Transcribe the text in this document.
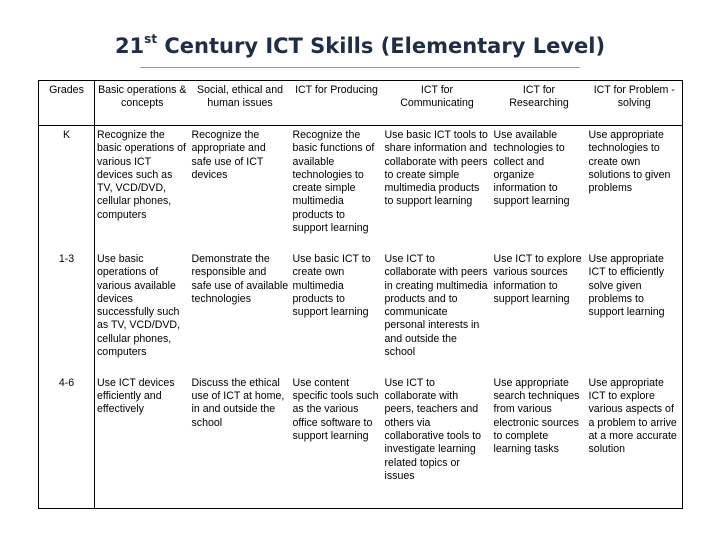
21st Century ICT Skills (Elementary Level)
Grades	Basic operations & concepts	Social, ethical and human issues	ICT for Producing	ICT for Communicating	ICT for Researching	ICT for Problem -solving
K	Recognize the basic operations of various ICT devices such as TV, VCD/DVD, cellular phones, computers	Recognize the appropriate and safe use of ICT devices	Recognize the basic functions of available technologies to create simple multimedia products to support learning	Use basic ICT tools to share information and collaborate with peers to create simple multimedia products to support learning	Use available technologies to collect and organize information to support learning	Use appropriate technologies to create own solutions to given problems
1-3	Use basic operations of various available devices successfully such as TV, VCD/DVD, cellular phones, computers	Demonstrate the responsible and safe use of available technologies	Use basic ICT to create own multimedia products to support learning	Use ICT to collaborate with peers in creating multimedia products and to communicate personal interests in and outside the school	Use ICT to explore various sources information to support learning	Use appropriate ICT to efficiently solve given problems to support learning
4-6	Use ICT devices efficiently and effectively	Discuss the ethical use of ICT at home, in and outside the school	Use content specific tools such as the various office software to support learning	Use ICT to collaborate with peers, teachers and others via collaborative tools to investigate learning related topics or issues	Use appropriate search techniques from various electronic sources to complete learning tasks	Use appropriate ICT to explore various aspects of a problem to arrive at a more accurate solution
